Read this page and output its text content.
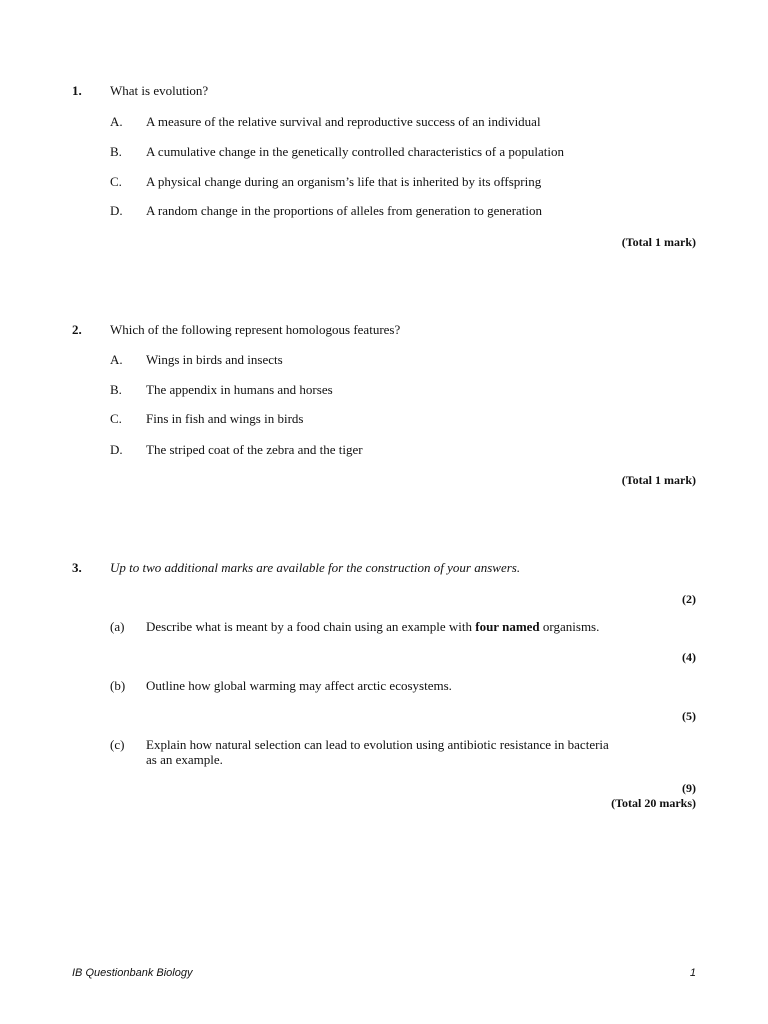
1. What is evolution?
A. A measure of the relative survival and reproductive success of an individual
B. A cumulative change in the genetically controlled characteristics of a population
C. A physical change during an organism’s life that is inherited by its offspring
D. A random change in the proportions of alleles from generation to generation
(Total 1 mark)
2. Which of the following represent homologous features?
A. Wings in birds and insects
B. The appendix in humans and horses
C. Fins in fish and wings in birds
D. The striped coat of the zebra and the tiger
(Total 1 mark)
3. Up to two additional marks are available for the construction of your answers.
(2)
(a) Describe what is meant by a food chain using an example with four named organisms.
(4)
(b) Outline how global warming may affect arctic ecosystems.
(5)
(c) Explain how natural selection can lead to evolution using antibiotic resistance in bacteria
as an example.
(9)
(Total 20 marks)
IB Questionbank Biology	1
